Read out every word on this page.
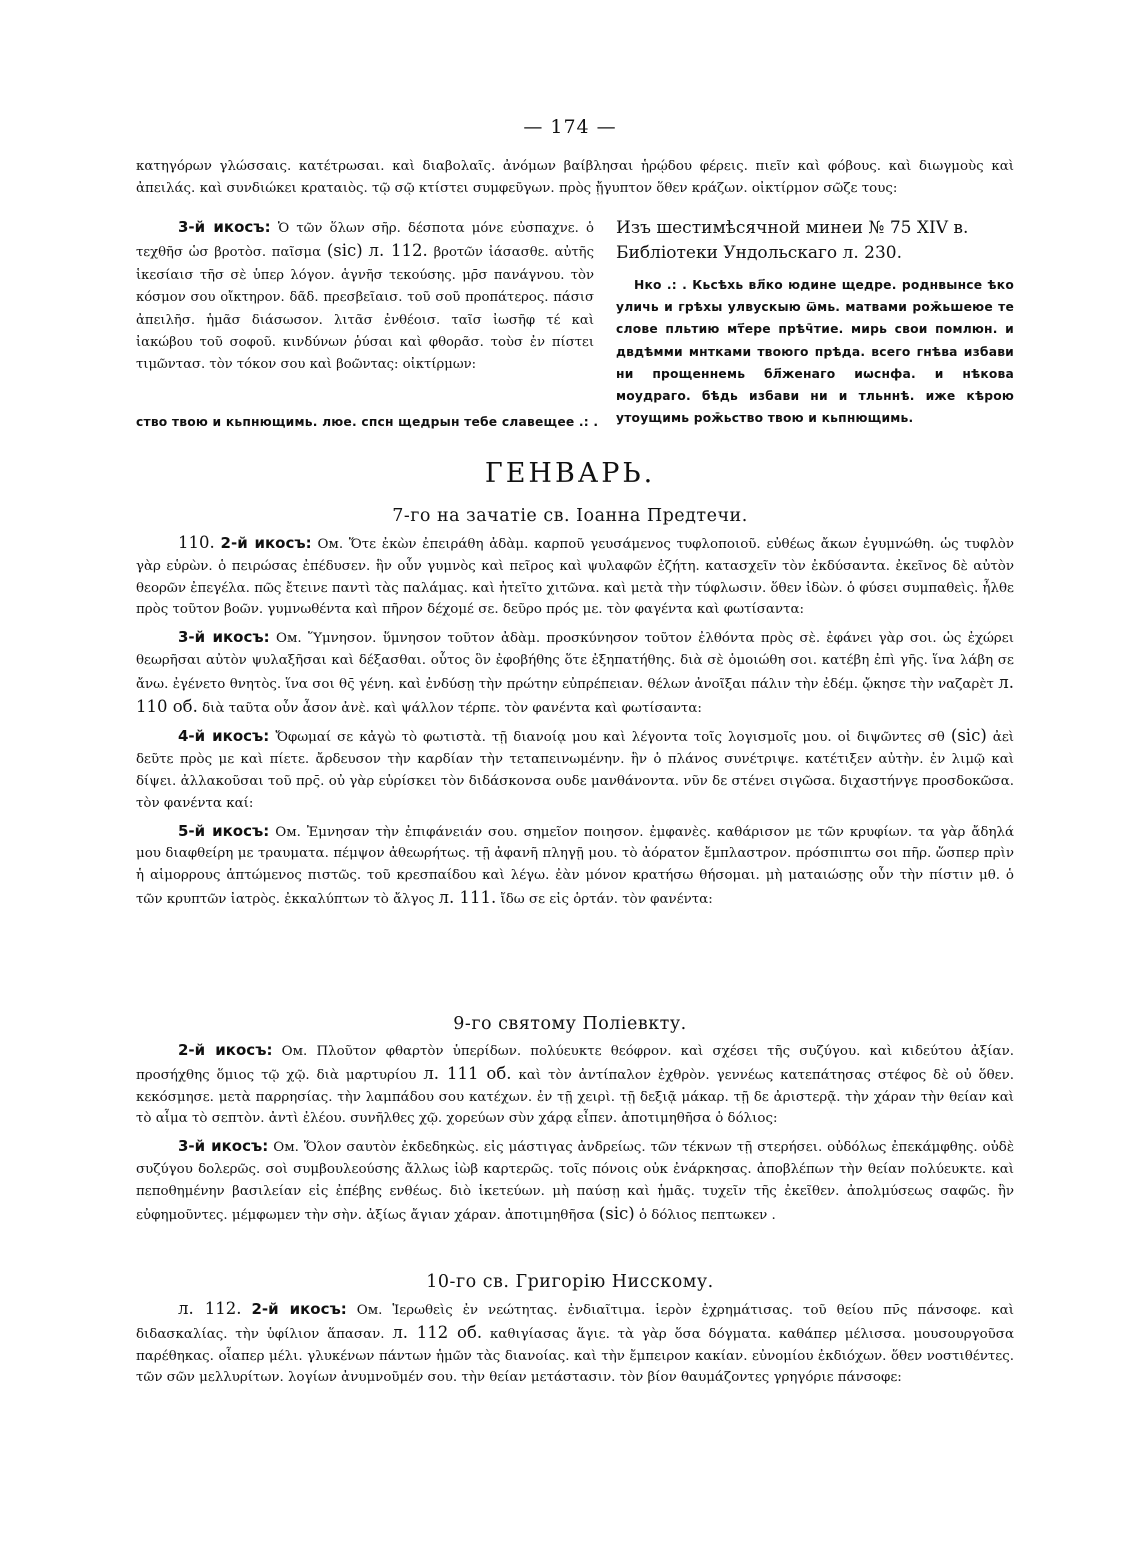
— 174 —

κατηγόρων γλώσσαις. κατέτρωσαι. καὶ διαβολαῖς. ἀνόμων βαίβλησαι ἡρῴδου φέρεις. πιεῖν καὶ φόβους. καὶ διωγμοὺς καὶ ἀπειλάς. καὶ συνδιώκει κραταιὸς. τῷ σῷ κτίστει συμφεῦγων. πρὸς ᾔγυπτον ὅθεν κράζων. οἰκτίρμον σῶζε τους:

3-й икосъ: Ὁ τῶν ὅλων σῆρ. δέσποτα μόνε εὐσπαχνε. ὁ τεχθῆσ ὡσ βροτὸσ. παῖσμα (sic) л. 112. βροτῶν ἰάσασθε. αὐτῆς ἱκεσίαισ τῆσ σὲ ὑπερ λόγον. ἁγνῆσ τεκούσης. μρ̄σ πανάγνου. τὸν κόσμον σου οἴκτηρον. δᾶδ. πρεσβεῖαισ. τοῦ σοῦ προπάτερος. πάσισ ἀπειλῆσ. ἡμᾶσ διάσωσον. λιτᾶσ ἐνθέοισ. ταῖσ ἰωσῆφ τέ καὶ ἰακώβου τοῦ σοφοῦ. κινδύνων ῥύσαι καὶ φθορᾶσ. τοὺσ ἐν πίστει τιμῶντασ. τὸν τόκον σου καὶ βοῶντας: οἰκτίρμων:

Изъ шестимѣсячной минеи № 75 XIV в. Библіотеки Ундольскаго л. 230.

Нко .: . Кьсѣхь вл҃ко юдине щедре. роднвынсе ѣко уличь и грѣхы улвускыю ѿмь. матвами рож̄ьшеюе те слове пльтию мт҃ере прѣч̄тие. мирь свои помлюн. и двдѣмми мнтками твоюго прѣда. всего гнѣва избави ни прощеннемь бл҃женаго иѡснфа. и нѣкова моудраго. бѣдь избави ни и тльннѣ. иже кѣрою утоущимь рож̄ьство твою и кьпнющимь.

ство твою и кьпнющимь. люе. спсн щедрын тебе славещее .: .

ГЕНВАРЬ.
7-го на зачатіе св. Іоанна Предтечи.

110. 2-й икосъ: Ом. Ὅτε ἐκὼν ἐπειράθη ἀδὰμ. καρποῦ γευσάμενος τυφλοποιοῦ. εὐθέως ἄκων ἐγυμνώθη. ὡς τυφλὸν γὰρ εὑρὼν. ὁ πειρώσας ἐπέδυσεν. ἣν οὖν γυμνὸς καὶ πεῖρος καὶ ψυλαφῶν ἐζήτη. κατασχεῖν τὸν ἐκδύσαντα. ἐκεῖνος δὲ αὐτὸν θεορῶν ἐπεγέλα. πῶς ἔτεινε παντὶ τὰς παλάμας. καὶ ἠτεῖτο χιτῶνα. καὶ μετὰ τὴν τύφλωσιν. ὅθεν ἰδὼν. ὁ φύσει συμπαθεὶς. ἦλθε πρὸς τοῦτον βοῶν. γυμνωθέντα καὶ πῆρον δέχομέ σε. δεῦρο πρός με. τὸν φαγέντα καὶ φωτίσαντα:

3-й икосъ: Ом. Ὕμνησον. ὕμνησον τοῦτον ἀδὰμ. προσκύνησον τοῦτον ἐλθόντα πρὸς σὲ. ἐφάνει γὰρ σοι. ὡς ἐχώρει θεωρῆσαι αὐτὸν ψυλαξῆσαι καὶ δέξασθαι. οὗτος ὃν ἐφοβήθης ὅτε ἐξηπατήθης. διὰ σὲ ὁμοιώθη σοι. κατέβη ἐπὶ γῆς. ἵνα λάβη σε ἄνω. ἐγένετο θνητὸς. ἵνα σοι θς̄ γένη. καὶ ἐνδύσῃ τὴν πρώτην εὐπρέπειαν. θέλων ἀνοῖξαι πάλιν τὴν ἐδέμ. ᾤκησε τὴν ναζαρὲτ л. 110 об. διὰ ταῦτα οὖν ἆσον ἀνὲ. καὶ ψάλλον τέρπε. τὸν φανέντα καὶ φωτίσαντα:

4-й икосъ: Ὄφωμαί σε κἀγὼ τὸ φωτιστὰ. τῇ διανοίᾳ μου καὶ λέγοντα τοῖς λογισμοῖς μου. οἱ διψῶντες σθ (sic) ἀεὶ δεῦτε πρὸς με καὶ πίετε. ἄρδευσον τὴν καρδίαν τὴν τεταπεινωμένην. ἣν ὁ πλάνος συνέτριψε. κατέτιξεν αὐτὴν. ἐν λιμῷ καὶ δίψει. ἀλλακοῦσαι τοῦ πρς̄. οὐ γὰρ εὑρίσκει τὸν διδάσκονσα ουδε μανθάνοντα. νῦν δε στένει σιγῶσα. διχαστήνγε προσδοκῶσα. τὸν φανέντα καί:

5-й икосъ: Ом. Ἐμνησαν τὴν ἐπιφάνειάν σου. σημεῖον ποιησον. ἐμφανὲς. καθάρισον με τῶν κρυφίων. τα γὰρ ἄδηλά μου διαφθείρη με τραυματα. πέμψον ἀθεωρήτως. τῇ ἀφανῆ πληγῇ μου. τὸ ἀόρατον ἔμπλαστρον. πρόσπιπτω σοι πῆρ. ὥσπερ πρὶν ἡ αἱμορρους ἁπτώμενος πιστῶς. τοῦ κρεσπαίδου καὶ λέγω. ἐὰν μόνον κρατήσω θήσομαι. μὴ ματαιώσῃς οὖν τὴν πίστιν μθ. ὁ τῶν κρυπτῶν ἰατρὸς. ἐκκαλύπτων τὸ ἄλγος л. 111. ἴδω σε εἰς ὁρτάν. τὸν φανέντα:

9-го святому Поліевкту.

2-й икосъ: Ом. Πλοῦτον φθαρτὸν ὑπερίδων. πολύευκτε θεόφρον. καὶ σχέσει τῆς συζύγου. καὶ κιδεύτου ἀξίαν. προσήχθης ὅμιος τῷ χῷ. διὰ μαρτυρίου л. 111 об. καὶ τὸν ἀντίπαλον ἐχθρὸν. γεννέως κατεπάτησας στέφος δὲ οὐ ὅθεν. κεκόσμησε. μετὰ παρρησίας. τὴν λαμπάδου σου κατέχων. ἐν τῇ χειρὶ. τῇ δεξιᾷ μάκαρ. τῇ δε ἀριστερᾷ. τὴν χάραν τὴν θείαν καὶ τὸ αἷμα τὸ σεπτὸν. ἀντὶ ἐλέου. συνῆλθες χῷ. χορεύων σὺν χάρᾳ εἶπεν. ἀποτιμηθῆσα ὁ δόλιος:

3-й икосъ: Ом. Ὅλον σαυτὸν ἐκδεδηκὼς. εἰς μάστιγας ἀνδρείως. τῶν τέκνων τῇ στερήσει. οὐδόλως ἐπεκάμφθης. οὐδὲ συζύγου δολερῶς. σοὶ συμβουλεούσης ἄλλως ἰὼβ καρτερῶς. τοῖς πόνοις οὐκ ἐνάρκησας. ἀποβλέπων τὴν θείαν πολύευκτε. καὶ πεποθημένην βασιλείαν εἰς ἐπέβης ενθέως. διὸ ἱκετεύων. μὴ παύσῃ καὶ ἡμᾶς. τυχεῖν τῆς ἐκεῖθεν. ἀπολμύσεως σαφῶς. ἣν εὐφημοῦντες. μέμφωμεν τὴν σὴν. ἀξίως ἄγιαν χάραν. ἀποτιμηθῆσα (sic) ὁ δόλιος πεπτωκεν .

10-го св. Григорію Нисскому.

л. 112. 2-й икосъ: Ом. Ἱερωθεὶς ἐν νεώτητας. ἐνδιαῖτιμα. ἱερὸν ἐχρημάτισας. τοῦ θείου πν̄ς πάνσοφε. καὶ διδασκαλίας. τὴν ὑφίλιον ἅπασαν. л. 112 об. καθιγίασας ἅγιε. τὰ γὰρ ὅσα δόγματα. καθάπερ μέλισσα. μουσουργοῦσα παρέθηκας. οἷαπερ μέλι. γλυκένων πάντων ἡμῶν τὰς διανοίας. καὶ τὴν ἔμπειρον κακίαν. εὐνομίου ἐκδιόχων. ὅθεν νοστιθέντες. τῶν σῶν μελλυρίτων. λογίων ἀνυμνοῦμέν σου. τὴν θείαν μετάστασιν. τὸν βίον θαυμάζοντες γρηγόριε πάνσοφε:
